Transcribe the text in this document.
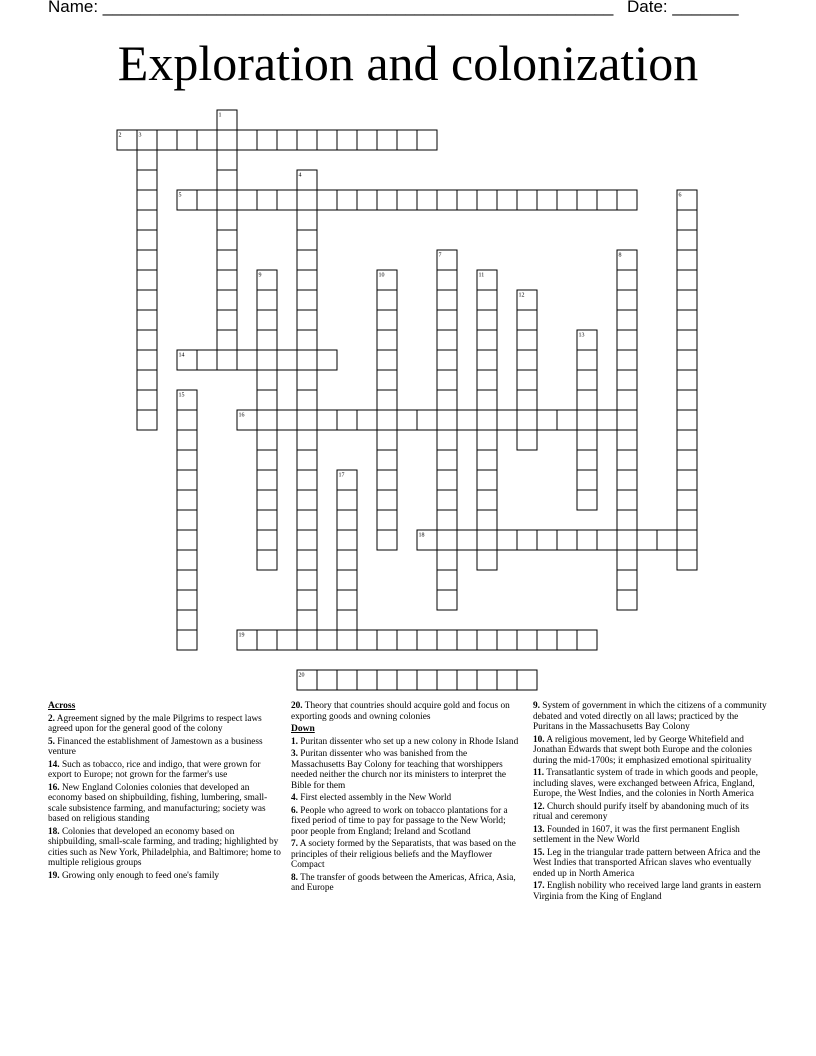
Name: ______________________________________________________

Date: _______

Exploration and colonization
1
2	3
4
5	6
7	8
9	10	11
12
13
14
15
16
17
18
19
20
Across
2. Agreement signed by the male Pilgrims to respect laws agreed upon for the general good of the colony
5. Financed the establishment of Jamestown as a business venture
14. Such as tobacco, rice and indigo, that were grown for export to Europe; not grown for the farmer's use
16. New England Colonies colonies that developed an economy based on shipbuilding, fishing, lumbering, small-scale subsistence farming, and manufacturing; society was based on religious standing
18. Colonies that developed an economy based on shipbuilding, small-scale farming, and trading; highlighted by cities such as New York, Philadelphia, and Baltimore; home to multiple religious groups
19. Growing only enough to feed one's family
20. Theory that countries should acquire gold and focus on exporting goods and owning colonies
Down
1. Puritan dissenter who set up a new colony in Rhode Island
3. Puritan dissenter who was banished from the Massachusetts Bay Colony for teaching that worshippers needed neither the church nor its ministers to interpret the Bible for them
4. First elected assembly in the New World
6. People who agreed to work on tobacco plantations for a fixed period of time to pay for passage to the New World; poor people from England; Ireland and Scotland
7. A society formed by the Separatists, that was based on the principles of their religious beliefs and the Mayflower Compact
8. The transfer of goods between the Americas, Africa, Asia, and Europe
9. System of government in which the citizens of a community debated and voted directly on all laws; practiced by the Puritans in the Massachusetts Bay Colony
10. A religious movement, led by George Whitefield and Jonathan Edwards that swept both Europe and the colonies during the mid-1700s; it emphasized emotional spirituality
11. Transatlantic system of trade in which goods and people, including slaves, were exchanged between Africa, England, Europe, the West Indies, and the colonies in North America
12. Church should purify itself by abandoning much of its ritual and ceremony
13. Founded in 1607, it was the first permanent English settlement in the New World
15. Leg in the triangular trade pattern between Africa and the West Indies that transported African slaves who eventually ended up in North America
17. English nobility who received large land grants in eastern Virginia from the King of England
